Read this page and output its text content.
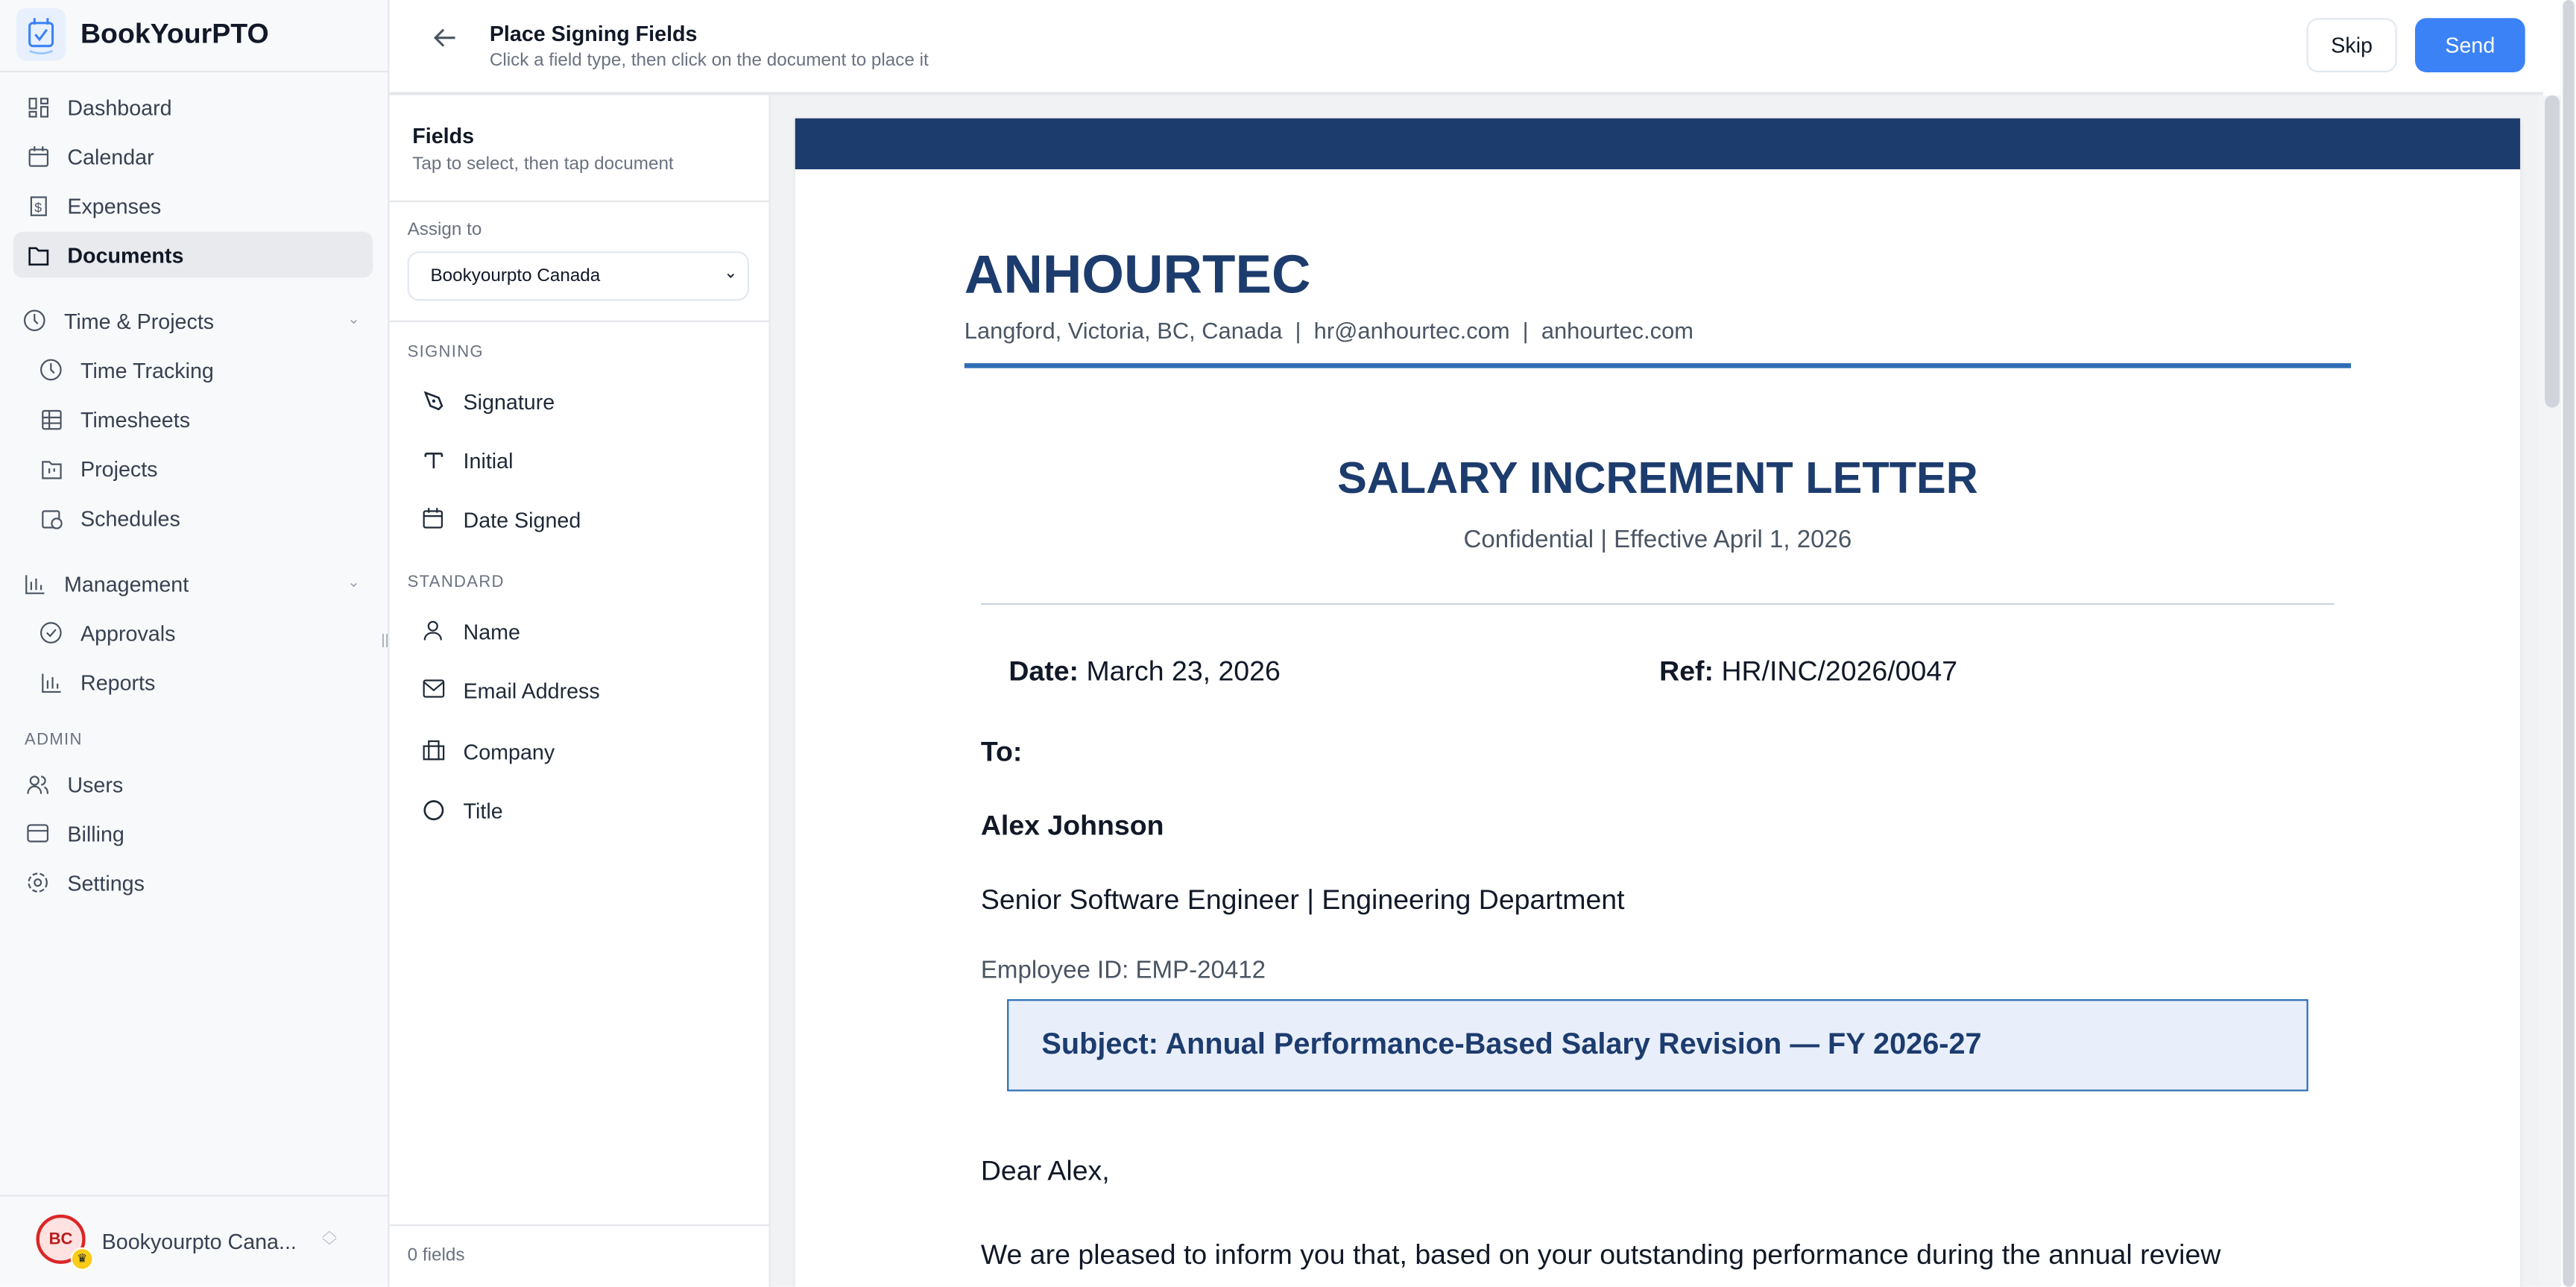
BookYourPTO
Dashboard
Calendar
$	Expenses
Documents
Time & Projects	⌄
Time Tracking
Timesheets
Projects
Schedules
Management	⌄
Approvals
Reports
ADMIN
Users
Billing
Settings
||
BC
♛
Bookyourpto Cana...	︿
﹀
Place Signing Fields
Click a field type, then click on the document to place it
Skip	Send
Fields
Tap to select, then tap document
Assign to
Bookyourpto Canada	⌄
SIGNING
Signature
Initial
Date Signed
STANDARD
Name
Email Address
Company
Title
0 fields
ANHOURTEC
Langford, Victoria, BC, Canada  |  hr@anhourtec.com  |  anhourtec.com
SALARY INCREMENT LETTER
Confidential | Effective April 1, 2026
Date: March 23, 2026	Ref: HR/INC/2026/0047
To:
Alex Johnson
Senior Software Engineer | Engineering Department
Employee ID: EMP-20412
Subject: Annual Performance-Based Salary Revision — FY 2026-27
Dear Alex,
We are pleased to inform you that, based on your outstanding performance during the annual review
